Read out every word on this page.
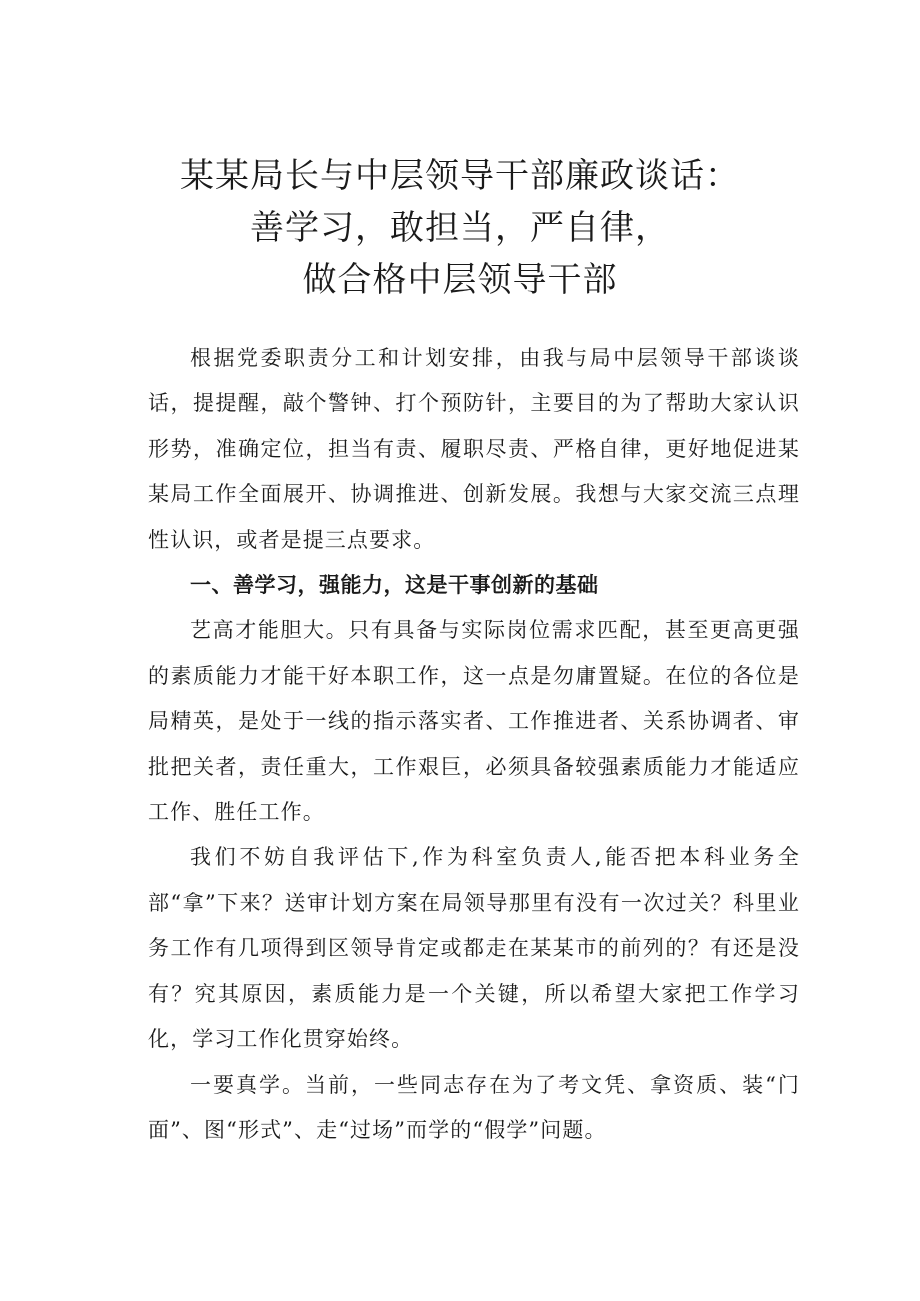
某某局长与中层领导干部廉政谈话：
善学习，敢担当，严自律，
做合格中层领导干部

根据党委职责分工和计划安排，由我与局中层领导干部谈谈话，提提醒，敲个警钟、打个预防针，主要目的为了帮助大家认识形势，准确定位，担当有责、履职尽责、严格自律，更好地促进某某局工作全面展开、协调推进、创新发展。我想与大家交流三点理性认识，或者是提三点要求。

一、善学习，强能力，这是干事创新的基础

艺高才能胆大。只有具备与实际岗位需求匹配，甚至更高更强的素质能力才能干好本职工作，这一点是勿庸置疑。在位的各位是局精英，是处于一线的指示落实者、工作推进者、关系协调者、审批把关者，责任重大，工作艰巨，必须具备较强素质能力才能适应工作、胜任工作。

我们不妨自我评估下,作为科室负责人,能否把本科业务全部“拿”下来？送审计划方案在局领导那里有没有一次过关？科里业务工作有几项得到区领导肯定或都走在某某市的前列的？有还是没有？究其原因，素质能力是一个关键，所以希望大家把工作学习化，学习工作化贯穿始终。

一要真学。当前，一些同志存在为了考文凭、拿资质、装“门面”、图“形式”、走“过场”而学的“假学”问题。
